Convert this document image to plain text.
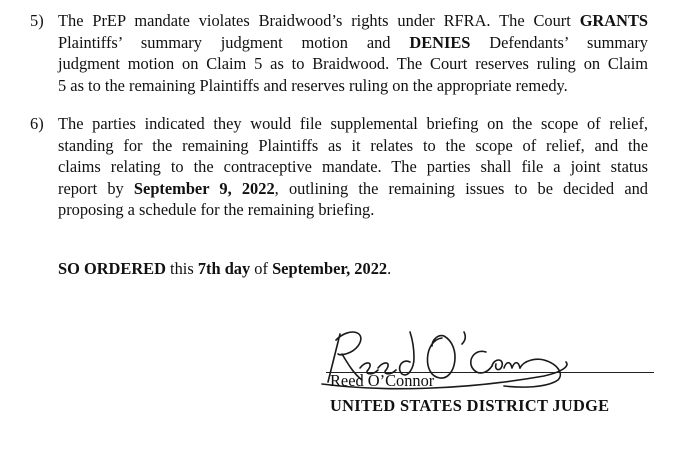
5) The PrEP mandate violates Braidwood’s rights under RFRA. The Court GRANTS
Plaintiffs’ summary judgment motion and DENIES Defendants’ summary
judgment motion on Claim 5 as to Braidwood. The Court reserves ruling on Claim
5 as to the remaining Plaintiffs and reserves ruling on the appropriate remedy.
6) The parties indicated they would file supplemental briefing on the scope of relief,
standing for the remaining Plaintiffs as it relates to the scope of relief, and the
claims relating to the contraceptive mandate. The parties shall file a joint status
report by September 9, 2022, outlining the remaining issues to be decided and
proposing a schedule for the remaining briefing.
SO ORDERED this 7th day of September, 2022.
Reed O’Connor
UNITED STATES DISTRICT JUDGE
